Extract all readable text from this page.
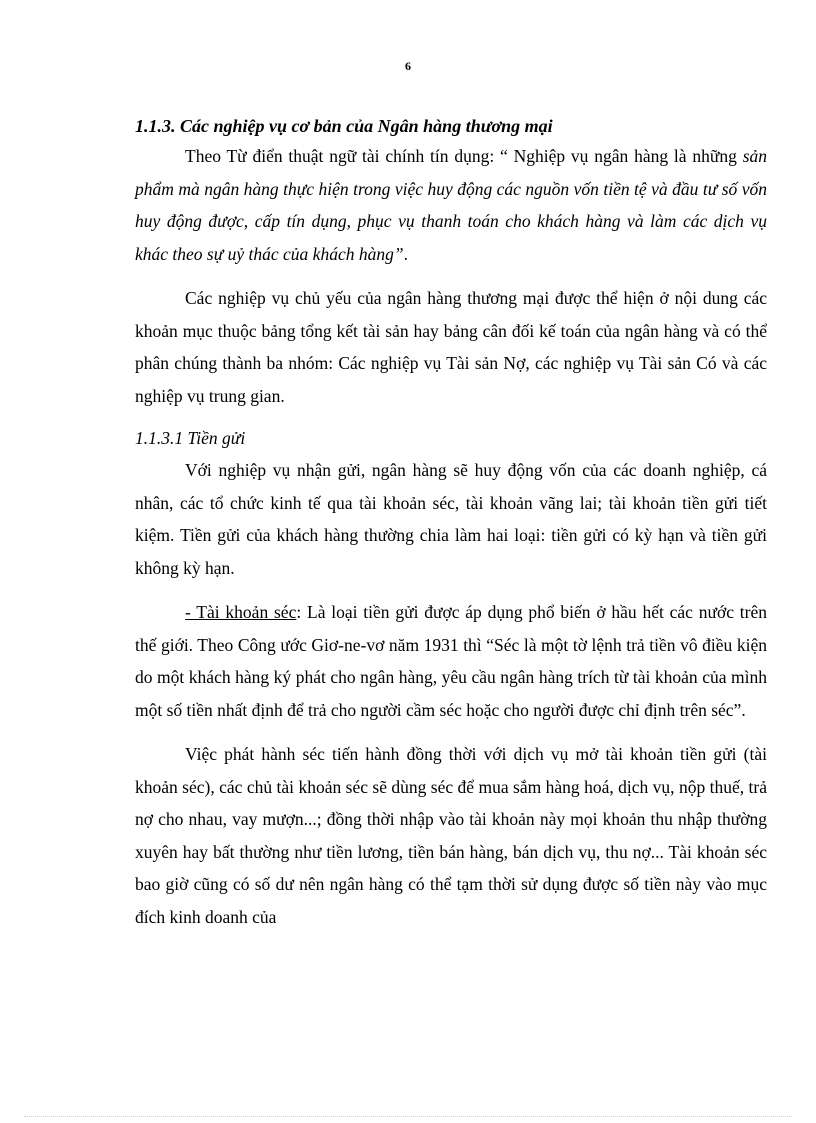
6
1.1.3. Các nghiệp vụ cơ bản của Ngân hàng thương mại

Theo Từ điển thuật ngữ tài chính tín dụng: “ Nghiệp vụ ngân hàng là những sản phẩm mà ngân hàng thực hiện trong việc huy động các nguồn vốn tiền tệ và đầu tư số vốn huy động được, cấp tín dụng, phục vụ thanh toán cho khách hàng và làm các dịch vụ khác theo sự uỷ thác của khách hàng”.

Các nghiệp vụ chủ yếu của ngân hàng thương mại được thể hiện ở nội dung các khoản mục thuộc bảng tổng kết tài sản hay bảng cân đối kế toán của ngân hàng và có thể phân chúng thành ba nhóm: Các nghiệp vụ Tài sản Nợ, các nghiệp vụ Tài sản Có và các nghiệp vụ trung gian.

1.1.3.1 Tiền gửi

Với nghiệp vụ nhận gửi, ngân hàng sẽ huy động vốn của các doanh nghiệp, cá nhân, các tổ chức kinh tế qua tài khoản séc, tài khoản vãng lai; tài khoản tiền gửi tiết kiệm. Tiền gửi của khách hàng thường chia làm hai loại: tiền gửi có kỳ hạn và tiền gửi không kỳ hạn.

- Tài khoản séc: Là loại tiền gửi được áp dụng phổ biến ở hầu hết các nước trên thế giới. Theo Công ước Giơ-ne-vơ năm 1931 thì “Séc là một tờ lệnh trả tiền vô điều kiện do một khách hàng ký phát cho ngân hàng, yêu cầu ngân hàng trích từ tài khoản của mình một số tiền nhất định để trả cho người cầm séc hoặc cho người được chỉ định trên séc”.

Việc phát hành séc tiến hành đồng thời với dịch vụ mở tài khoản tiền gửi (tài khoản séc), các chủ tài khoản séc sẽ dùng séc để mua sắm hàng hoá, dịch vụ, nộp thuế, trả nợ cho nhau, vay mượn...; đồng thời nhập vào tài khoản này mọi khoản thu nhập thường xuyên hay bất thường như tiền lương, tiền bán hàng, bán dịch vụ, thu nợ... Tài khoản séc bao giờ cũng có số dư nên ngân hàng có thể tạm thời sử dụng được số tiền này vào mục đích kinh doanh của
